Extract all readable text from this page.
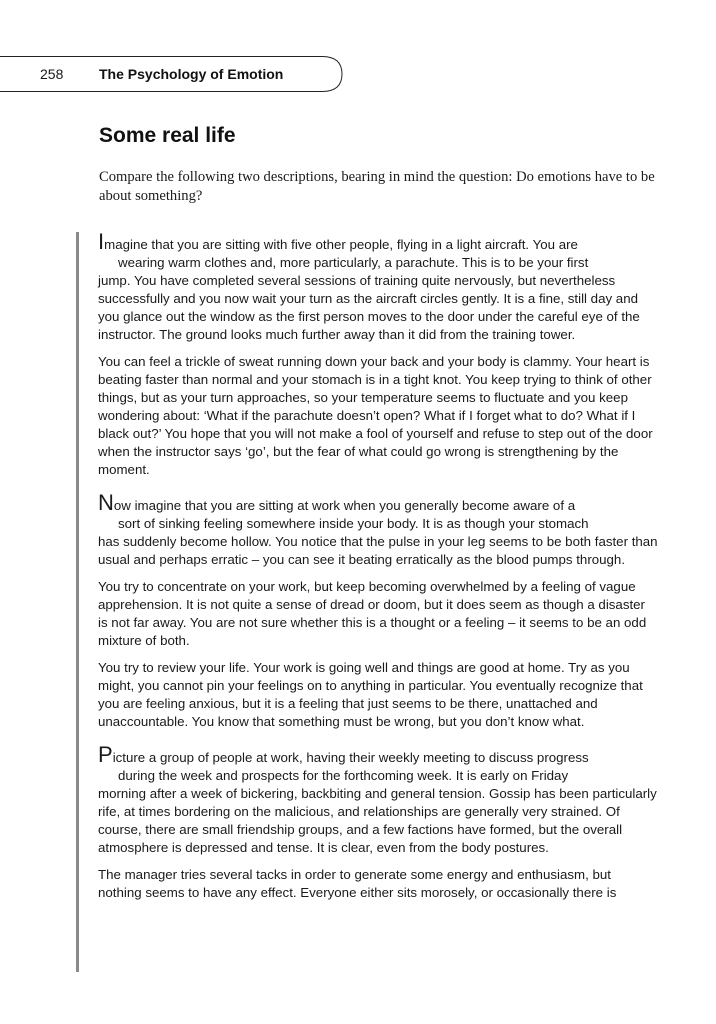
258	The Psychology of Emotion
Some real life

Compare the following two descriptions, bearing in mind the question: Do emotions have to be about something?

Imagine that you are sitting with five other people, flying in a light aircraft. You are
wearing warm clothes and, more particularly, a parachute. This is to be your first
jump. You have completed several sessions of training quite nervously, but nevertheless successfully and you now wait your turn as the aircraft circles gently. It is a fine, still day and you glance out the window as the first person moves to the door under the careful eye of the instructor. The ground looks much further away than it did from the training tower.

You can feel a trickle of sweat running down your back and your body is clammy. Your heart is beating faster than normal and your stomach is in a tight knot. You keep trying to think of other things, but as your turn approaches, so your temperature seems to fluctuate and you keep wondering about: ‘What if the parachute doesn’t open? What if I forget what to do? What if I black out?’ You hope that you will not make a fool of yourself and refuse to step out of the door when the instructor says ‘go’, but the fear of what could go wrong is strengthening by the moment.

Now imagine that you are sitting at work when you generally become aware of a
sort of sinking feeling somewhere inside your body. It is as though your stomach
has suddenly become hollow. You notice that the pulse in your leg seems to be both faster than usual and perhaps erratic – you can see it beating erratically as the blood pumps through.

You try to concentrate on your work, but keep becoming overwhelmed by a feeling of vague apprehension. It is not quite a sense of dread or doom, but it does seem as though a disaster is not far away. You are not sure whether this is a thought or a feeling – it seems to be an odd mixture of both.

You try to review your life. Your work is going well and things are good at home. Try as you might, you cannot pin your feelings on to anything in particular. You eventually recognize that you are feeling anxious, but it is a feeling that just seems to be there, unattached and unaccountable. You know that something must be wrong, but you don’t know what.

Picture a group of people at work, having their weekly meeting to discuss progress
during the week and prospects for the forthcoming week. It is early on Friday
morning after a week of bickering, backbiting and general tension. Gossip has been particularly rife, at times bordering on the malicious, and relationships are generally very strained. Of course, there are small friendship groups, and a few factions have formed, but the overall atmosphere is depressed and tense. It is clear, even from the body postures.

The manager tries several tacks in order to generate some energy and enthusiasm, but nothing seems to have any effect. Everyone either sits morosely, or occasionally there is
